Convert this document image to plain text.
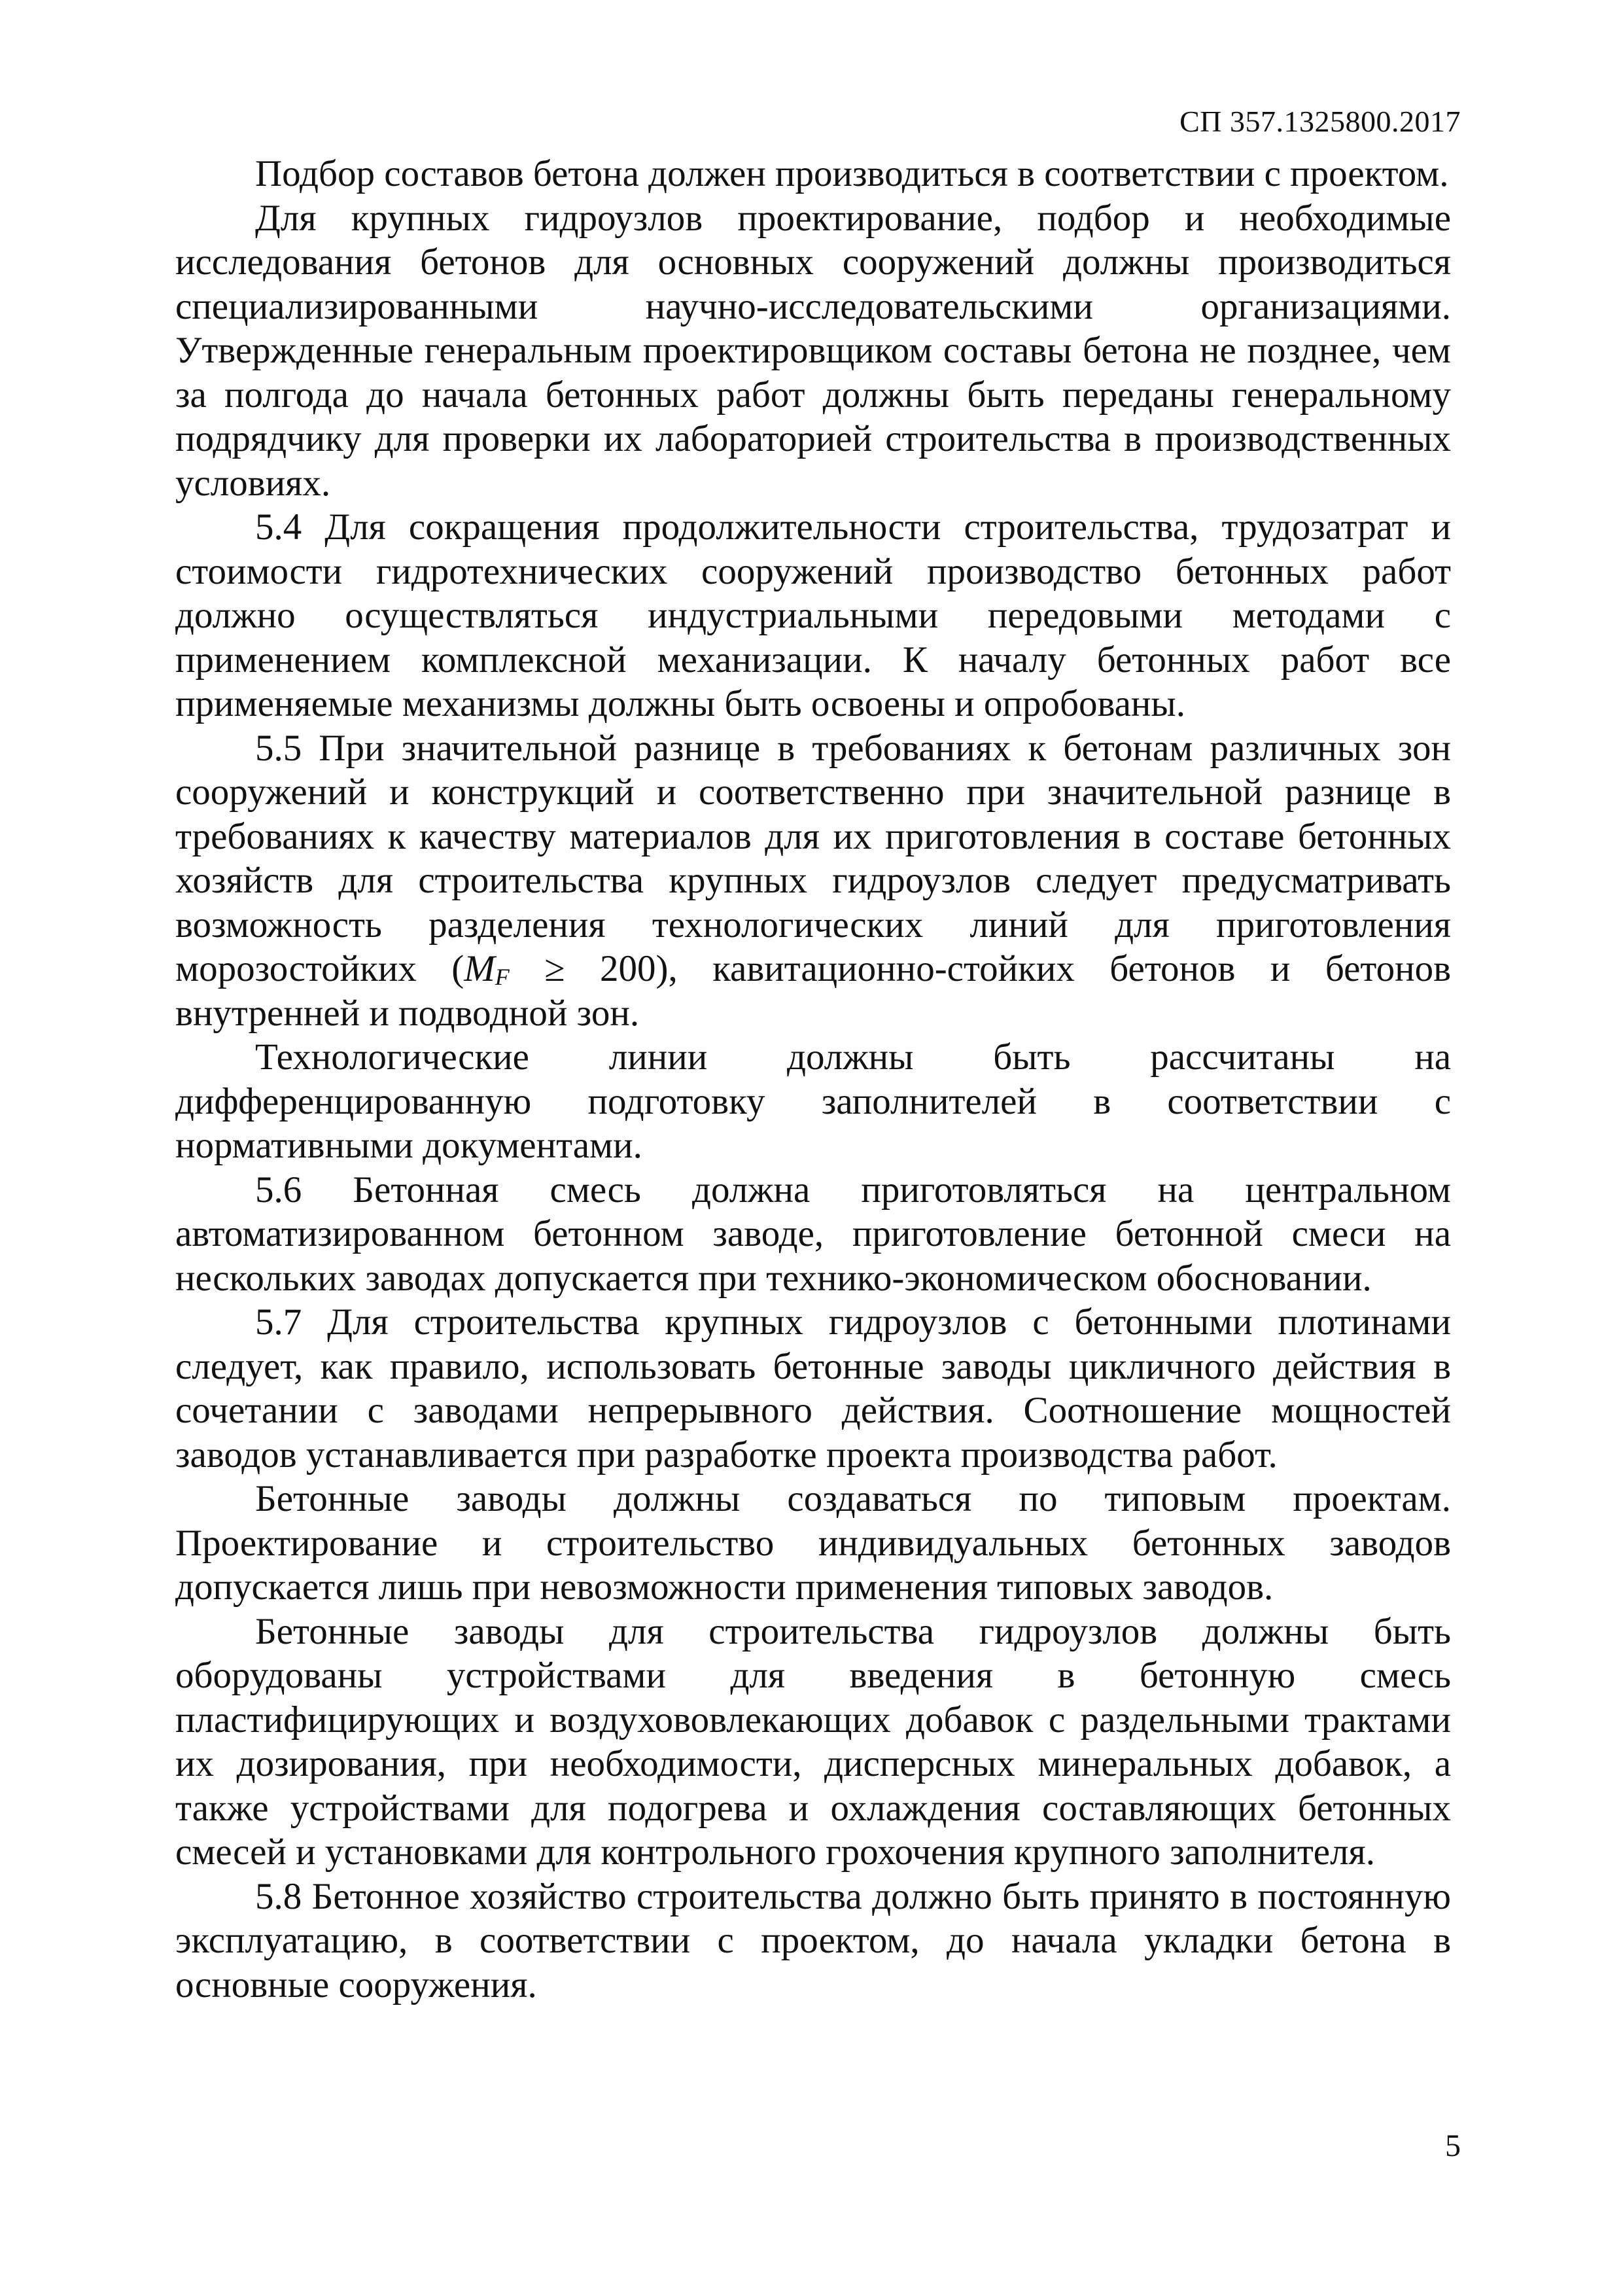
СП 357.1325800.2017

Подбор составов бетона должен производиться в соответствии с проектом.

Для крупных гидроузлов проектирование, подбор и необходимые исследования бетонов для основных сооружений должны производиться специализированными научно-исследовательскими организациями. Утвержденные генеральным проектировщиком составы бетона не позднее, чем за полгода до начала бетонных работ должны быть переданы генеральному подрядчику для проверки их лабораторией строительства в производственных условиях.

5.4 Для сокращения продолжительности строительства, трудозатрат и стоимости гидротехнических сооружений производство бетонных работ должно осуществляться индустриальными передовыми методами с применением комплексной механизации. К началу бетонных работ все применяемые механизмы должны быть освоены и опробованы.

5.5 При значительной разнице в требованиях к бетонам различных зон сооружений и конструкций и соответственно при значительной разнице в требованиях к качеству материалов для их приготовления в составе бетонных хозяйств для строительства крупных гидроузлов следует предусматривать возможность разделения технологических линий для приготовления морозостойких $(M_F \ge 200)$, кавитационно-стойких бетонов и бетонов внутренней и подводной зон.

Технологические линии должны быть рассчитаны на дифференцированную подготовку заполнителей в соответствии с нормативными документами.

5.6 Бетонная смесь должна приготовляться на центральном автоматизированном бетонном заводе, приготовление бетонной смеси на нескольких заводах допускается при технико-экономическом обосновании.

5.7 Для строительства крупных гидроузлов с бетонными плотинами следует, как правило, использовать бетонные заводы цикличного действия в сочетании с заводами непрерывного действия. Соотношение мощностей заводов устанавливается при разработке проекта производства работ.

Бетонные заводы должны создаваться по типовым проектам. Проектирование и строительство индивидуальных бетонных заводов допускается лишь при невозможности применения типовых заводов.

Бетонные заводы для строительства гидроузлов должны быть оборудованы устройствами для введения в бетонную смесь пластифицирующих и воздухововлекающих добавок с раздельными трактами их дозирования, при необходимости, дисперсных минеральных добавок, а также устройствами для подогрева и охлаждения составляющих бетонных смесей и установками для контрольного грохочения крупного заполнителя.

5.8 Бетонное хозяйство строительства должно быть принято в постоянную эксплуатацию, в соответствии с проектом, до начала укладки бетона в основные сооружения.

5
